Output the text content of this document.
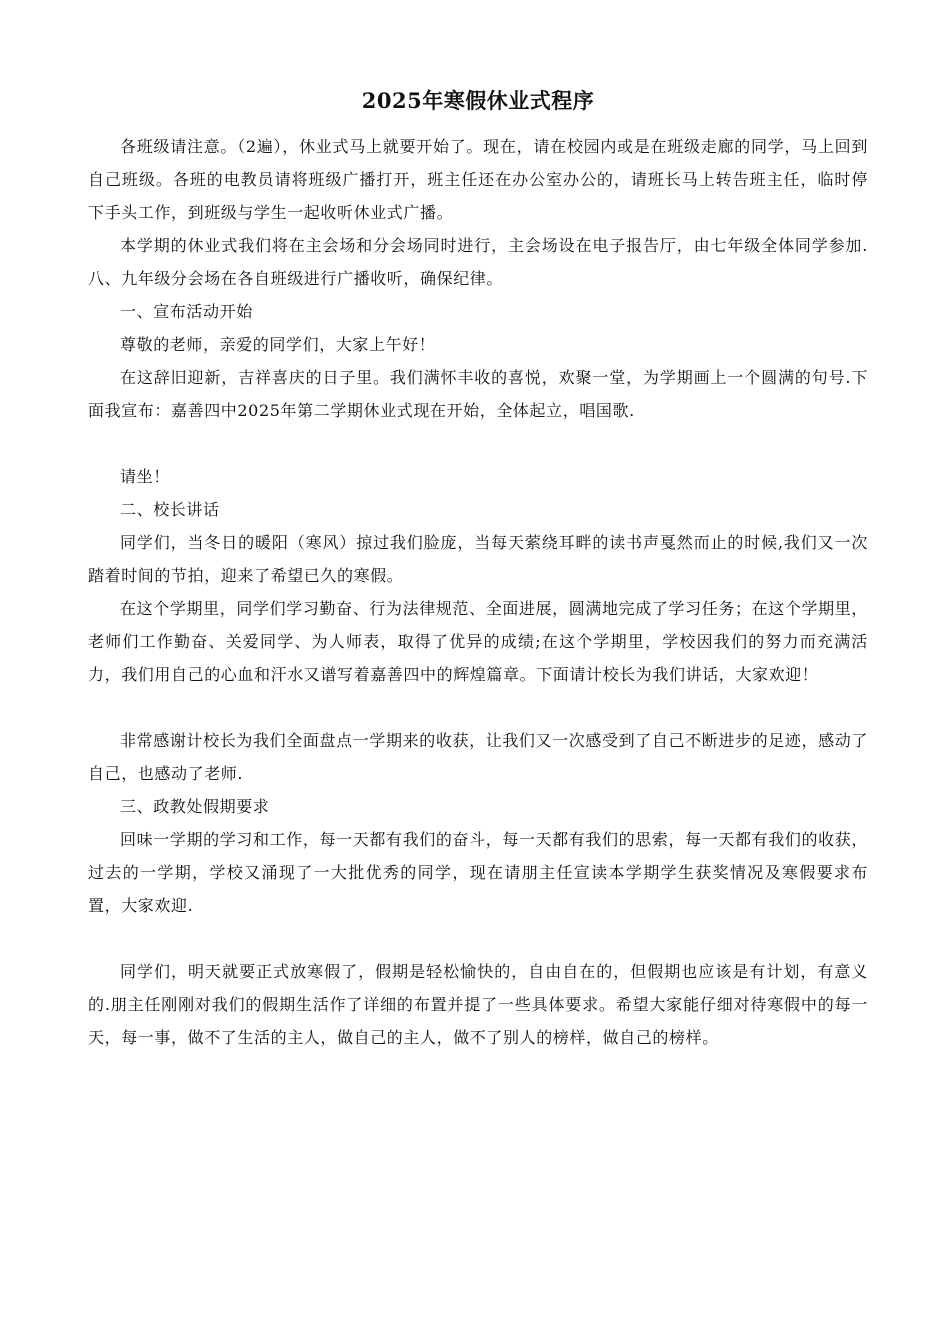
2025年寒假休业式程序

各班级请注意。（2遍），休业式马上就要开始了。现在，请在校园内或是在班级走廊的同学，马上回到自己班级。各班的电教员请将班级广播打开，班主任还在办公室办公的，请班长马上转告班主任，临时停下手头工作，到班级与学生一起收听休业式广播。

本学期的休业式我们将在主会场和分会场同时进行，主会场设在电子报告厅，由七年级全体同学参加.八、九年级分会场在各自班级进行广播收听，确保纪律。

一、宣布活动开始

尊敬的老师，亲爱的同学们，大家上午好！

在这辞旧迎新，吉祥喜庆的日子里。我们满怀丰收的喜悦，欢聚一堂，为学期画上一个圆满的句号.下面我宣布：嘉善四中2025年第二学期休业式现在开始，全体起立，唱国歌.

请坐！

二、校长讲话

同学们，当冬日的暖阳（寒风）掠过我们脸庞，当每天萦绕耳畔的读书声戛然而止的时候,我们又一次踏着时间的节拍，迎来了希望已久的寒假。

在这个学期里，同学们学习勤奋、行为法律规范、全面进展，圆满地完成了学习任务；在这个学期里，老师们工作勤奋、关爱同学、为人师表，取得了优异的成绩;在这个学期里，学校因我们的努力而充满活力，我们用自己的心血和汗水又谱写着嘉善四中的辉煌篇章。下面请计校长为我们讲话，大家欢迎！

非常感谢计校长为我们全面盘点一学期来的收获，让我们又一次感受到了自己不断进步的足迹，感动了自己，也感动了老师.

三、政教处假期要求

回味一学期的学习和工作，每一天都有我们的奋斗，每一天都有我们的思索，每一天都有我们的收获，过去的一学期，学校又涌现了一大批优秀的同学，现在请朋主任宣读本学期学生获奖情况及寒假要求布置，大家欢迎.

同学们，明天就要正式放寒假了，假期是轻松愉快的，自由自在的，但假期也应该是有计划，有意义的.朋主任刚刚对我们的假期生活作了详细的布置并提了一些具体要求。希望大家能仔细对待寒假中的每一天，每一事，做不了生活的主人，做自己的主人，做不了别人的榜样，做自己的榜样。
